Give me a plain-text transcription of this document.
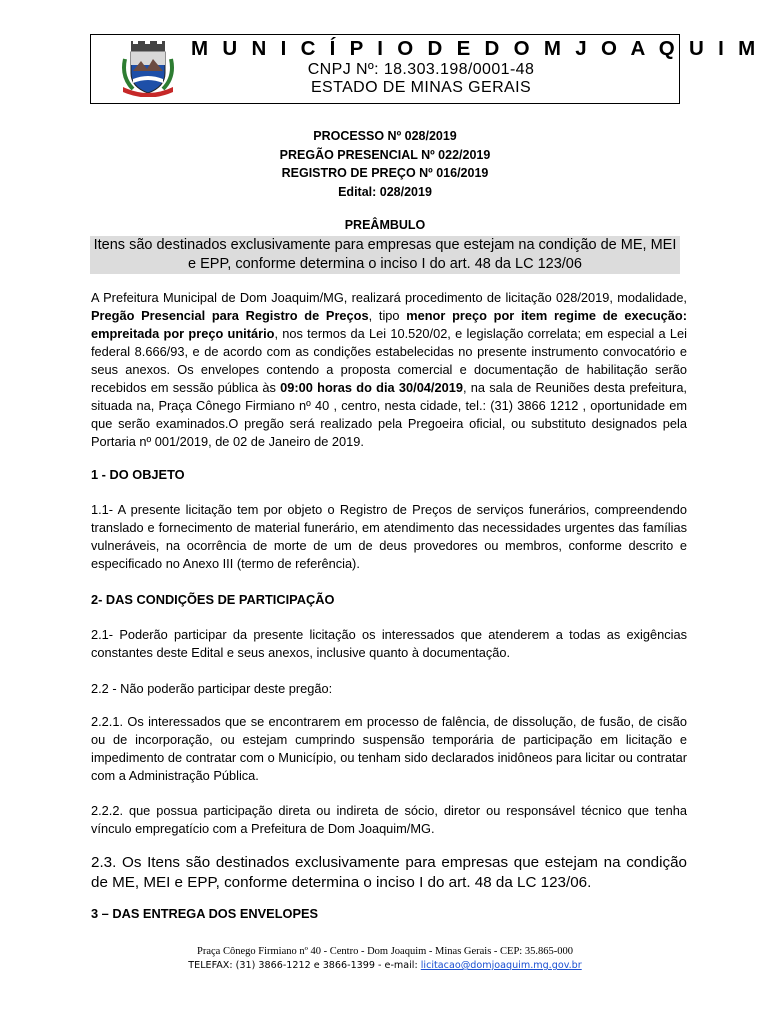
M U N I C Í P I O D E D O M J O A Q U I M
CNPJ Nº: 18.303.198/0001-48
ESTADO DE MINAS GERAIS
PROCESSO Nº 028/2019
PREGÃO PRESENCIAL Nº 022/2019
REGISTRO DE PREÇO Nº 016/2019
Edital: 028/2019
PREÂMBULO
Itens são destinados exclusivamente para empresas que estejam na condição de ME, MEI
e EPP, conforme determina o inciso I do art. 48 da LC 123/06
A Prefeitura Municipal de Dom Joaquim/MG, realizará procedimento de licitação 028/2019, modalidade, Pregão Presencial para Registro de Preços, tipo menor preço por item regime de execução: empreitada por preço unitário, nos termos da Lei 10.520/02, e legislação correlata; em especial a Lei federal 8.666/93, e de acordo com as condições estabelecidas no presente instrumento convocatório e seus anexos. Os envelopes contendo a proposta comercial e documentação de habilitação serão recebidos em sessão pública às 09:00 horas do dia 30/04/2019, na sala de Reuniões desta prefeitura, situada na, Praça Cônego Firmiano nº 40 , centro, nesta cidade, tel.: (31) 3866 1212 , oportunidade em que serão examinados.O pregão será realizado pela Pregoeira oficial, ou substituto designados pela Portaria nº 001/2019, de 02 de Janeiro de 2019.
1 - DO OBJETO
1.1- A presente licitação tem por objeto o Registro de Preços de serviços funerários, compreendendo translado e fornecimento de material funerário, em atendimento das necessidades urgentes das famílias vulneráveis, na ocorrência de morte de um de deus provedores ou membros, conforme descrito e especificado no Anexo III (termo de referência).
2- DAS CONDIÇÕES DE PARTICIPAÇÃO
2.1- Poderão participar da presente licitação os interessados que atenderem a todas as exigências constantes deste Edital e seus anexos, inclusive quanto à documentação.
2.2 - Não poderão participar deste pregão:
2.2.1. Os interessados que se encontrarem em processo de falência, de dissolução, de fusão, de cisão ou de incorporação, ou estejam cumprindo suspensão temporária de participação em licitação e impedimento de contratar com o Município, ou tenham sido declarados inidôneos para licitar ou contratar com a Administração Pública.
2.2.2. que possua participação direta ou indireta de sócio, diretor ou responsável técnico que tenha vínculo empregatício com a Prefeitura de Dom Joaquim/MG.
2.3. Os Itens são destinados exclusivamente para empresas que estejam na condição de ME, MEI e EPP, conforme determina o inciso I do art. 48 da LC 123/06.
3 – DAS ENTREGA DOS ENVELOPES
Praça Cônego Firmiano nº 40 - Centro - Dom Joaquim - Minas Gerais - CEP: 35.865-000
TELEFAX: (31) 3866-1212 e 3866-1399 - e-mail: licitacao@domjoaquim.mg.gov.br
